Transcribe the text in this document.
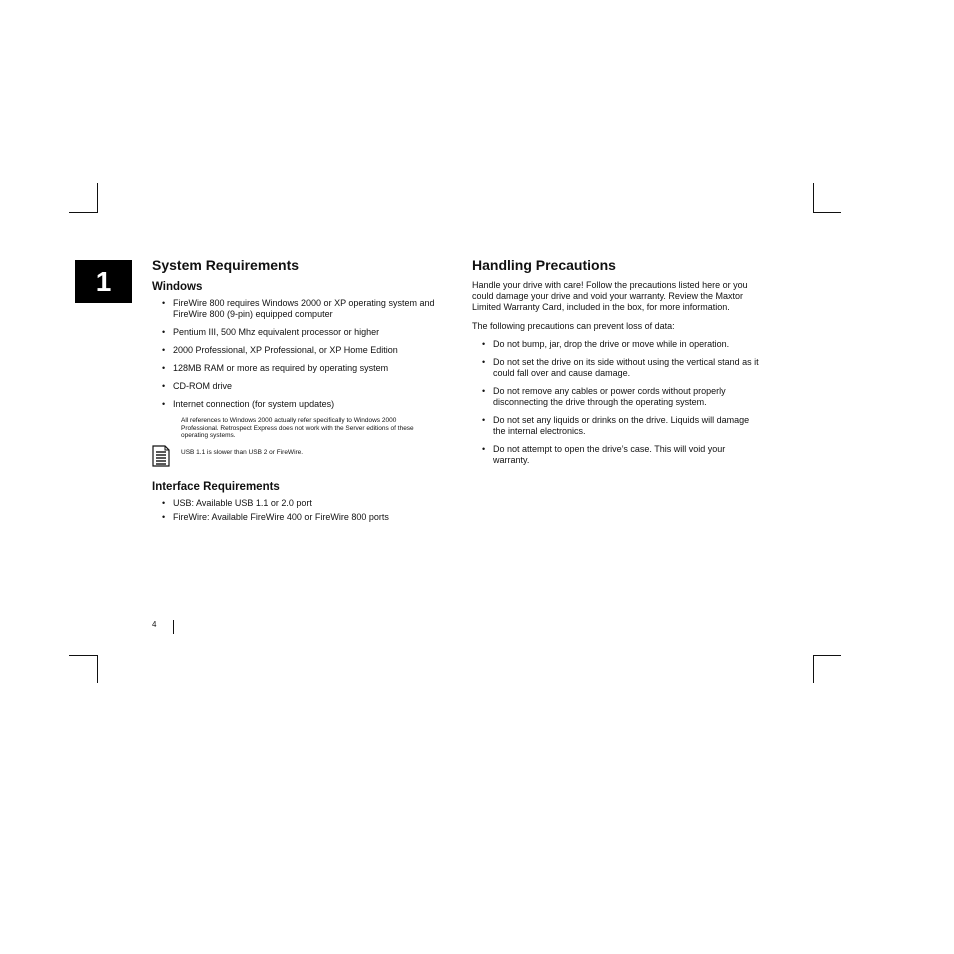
1
System Requirements
Windows
• FireWire 800 requires Windows 2000 or XP operating system and FireWire 800 (9-pin) equipped computer
• Pentium III, 500 Mhz equivalent processor or higher
• 2000 Professional, XP Professional, or XP Home Edition
• 128MB RAM or more as required by operating system
• CD-ROM drive
• Internet connection (for system updates)

All references to Windows 2000 actually refer specifically to Windows 2000 Professional. Retrospect Express does not work with the Server editions of these operating systems.

USB 1.1 is slower than USB 2 or FireWire.

Interface Requirements
• USB: Available USB 1.1 or 2.0 port
• FireWire: Available FireWire 400 or FireWire 800 ports
Handling Precautions

Handle your drive with care! Follow the precautions listed here or you could damage your drive and void your warranty. Review the Maxtor Limited Warranty Card, included in the box, for more information.

The following precautions can prevent loss of data:

• Do not bump, jar, drop the drive or move while in operation.
• Do not set the drive on its side without using the vertical stand as it could fall over and cause damage.
• Do not remove any cables or power cords without properly disconnecting the drive through the operating system.
• Do not set any liquids or drinks on the drive. Liquids will damage the internal electronics.
• Do not attempt to open the drive’s case. This will void your warranty.
4
